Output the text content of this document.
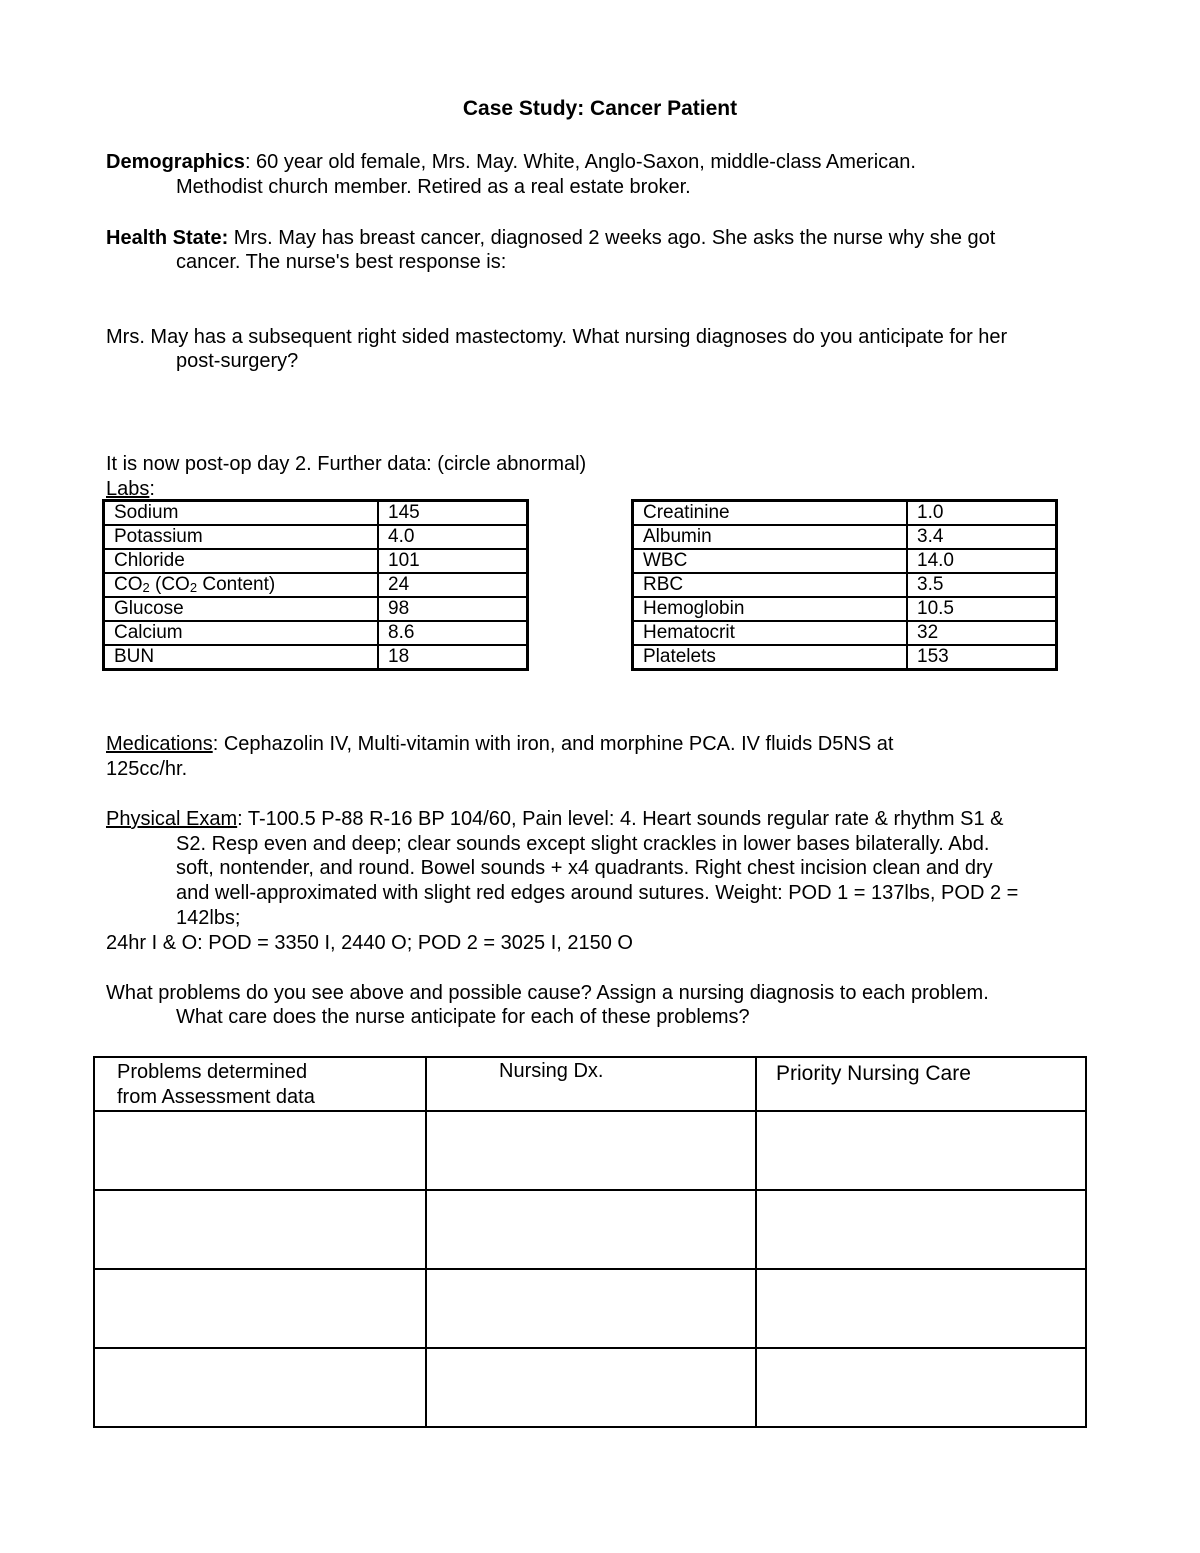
Case Study: Cancer Patient
Demographics: 60 year old female, Mrs. May. White, Anglo-Saxon, middle-class American.
Methodist church member. Retired as a real estate broker.
Health State: Mrs. May has breast cancer, diagnosed 2 weeks ago. She asks the nurse why she got
cancer. The nurse's best response is:
Mrs. May has a subsequent right sided mastectomy. What nursing diagnoses do you anticipate for her
post-surgery?
It is now post-op day 2. Further data: (circle abnormal)
Labs:
Sodium	145
Potassium	4.0
Chloride	101
$CO_2$ ($CO_2$ Content)	24
Glucose	98
Calcium	8.6
BUN	18
Creatinine	1.0
Albumin	3.4
WBC	14.0
RBC	3.5
Hemoglobin	10.5
Hematocrit	32
Platelets	153
Medications: Cephazolin IV, Multi-vitamin with iron, and morphine PCA. IV fluids D5NS at
125cc/hr.
Physical Exam: T-100.5 P-88 R-16 BP 104/60, Pain level: 4. Heart sounds regular rate & rhythm S1 &
S2. Resp even and deep; clear sounds except slight crackles in lower bases bilaterally. Abd.
soft, nontender, and round. Bowel sounds + x4 quadrants. Right chest incision clean and dry
and well-approximated with slight red edges around sutures. Weight: POD 1 = 137lbs, POD 2 =
142lbs;
24hr I & O: POD = 3350 I, 2440 O; POD 2 = 3025 I, 2150 O
What problems do you see above and possible cause? Assign a nursing diagnosis to each problem.
What care does the nurse anticipate for each of these problems?
Problems determined
from Assessment data	Nursing Dx.	Priority Nursing Care
